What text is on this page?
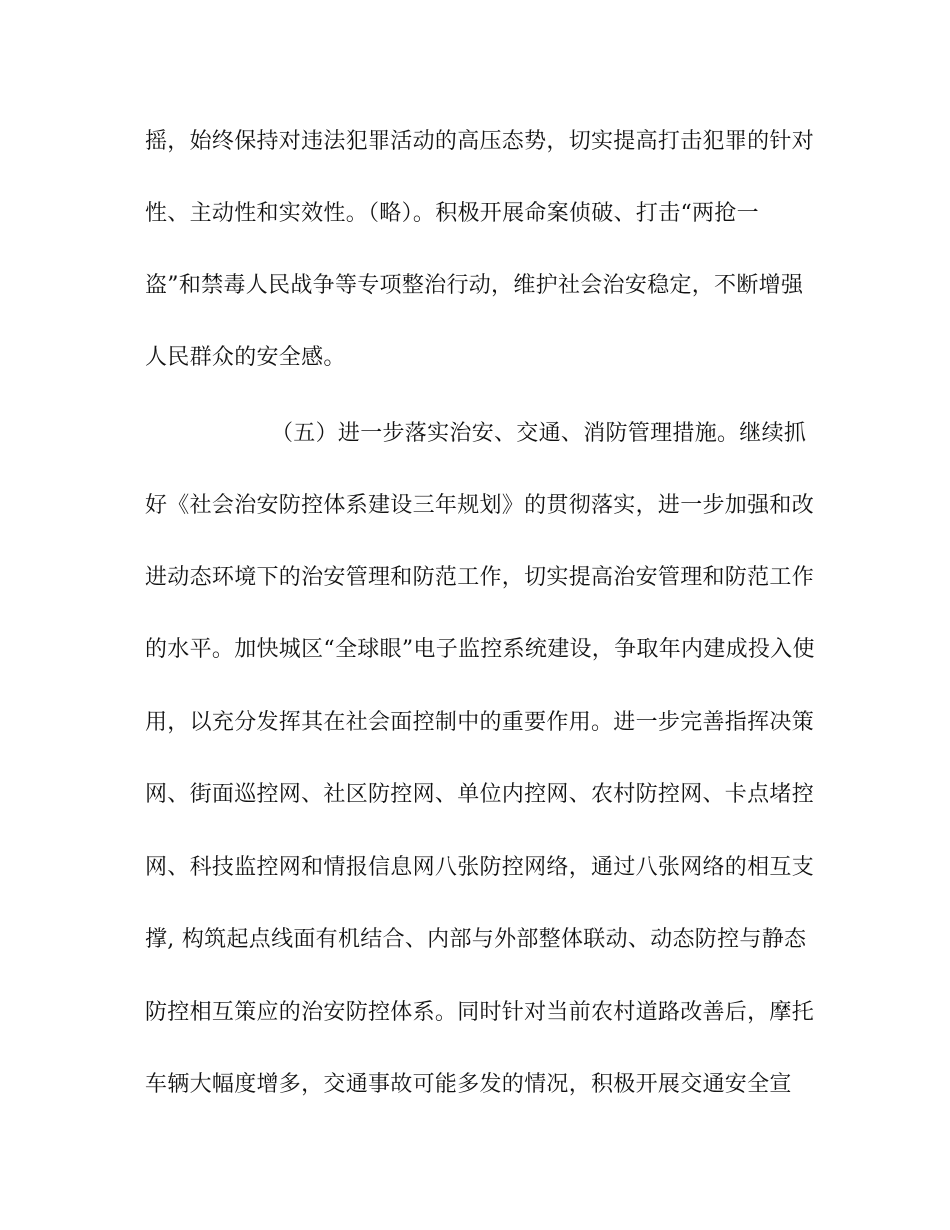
摇，始终保持对违法犯罪活动的高压态势，切实提高打击犯罪的针对
性、主动性和实效性。（略）。积极开展命案侦破、打击“两抢一
盗”和禁毒人民战争等专项整治行动，维护社会治安稳定，不断增强
人民群众的安全感。
（五）进一步落实治安、交通、消防管理措施。继续抓
好《社会治安防控体系建设三年规划》的贯彻落实，进一步加强和改
进动态环境下的治安管理和防范工作，切实提高治安管理和防范工作
的水平。加快城区“全球眼”电子监控系统建设，争取年内建成投入使
用，以充分发挥其在社会面控制中的重要作用。进一步完善指挥决策
网、街面巡控网、社区防控网、单位内控网、农村防控网、卡点堵控
网、科技监控网和情报信息网八张防控网络，通过八张网络的相互支
撑, 构筑起点线面有机结合、内部与外部整体联动、动态防控与静态
防控相互策应的治安防控体系。同时针对当前农村道路改善后，摩托
车辆大幅度增多，交通事故可能多发的情况，积极开展交通安全宣
